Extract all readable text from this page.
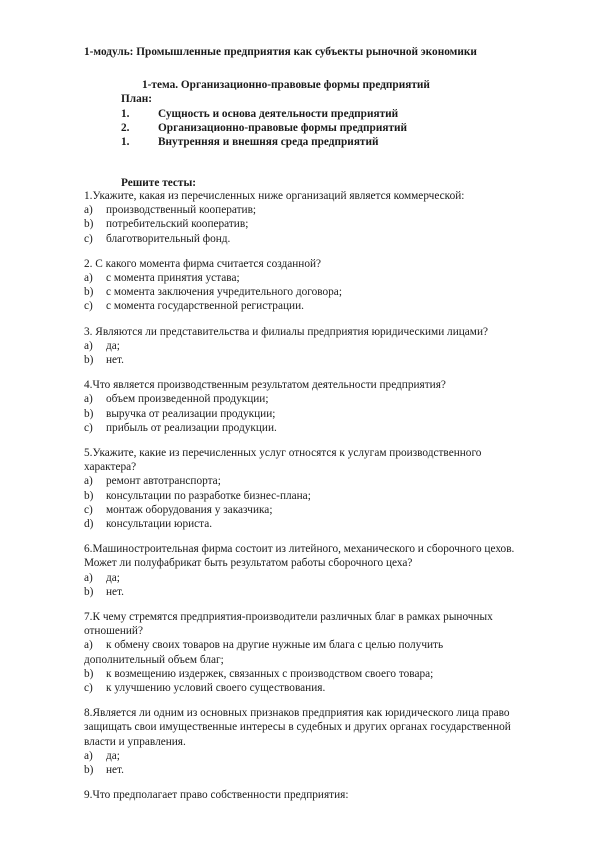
1-модуль: Промышленные предприятия как субъекты рыночной экономики
1-тема. Организационно-правовые формы предприятий
План:
1.	Сущность и основа деятельности предприятий
2.	Организационно-правовые формы предприятий
1.	Внутренняя и внешняя среда предприятий
Решите тесты:
1.Укажите, какая из перечисленных ниже организаций является коммерческой:
а) производственный кооператив;
b) потребительский кооператив;
c) благотворительный фонд.
2. С какого момента фирма считается созданной?
a) с момента принятия устава;
b) с момента заключения учредительного договора;
c) с момента государственной регистрации.
3. Являются ли представительства и филиалы предприятия юридическими лицами?
a) да;
b) нет.
4.Что является производственным результатом деятельности предприятия?
a) объем произведенной продукции;
b) выручка от реализации продукции;
c) прибыль от реализации продукции.
5.Укажите, какие из перечисленных услуг относятся к услугам производственного
характера?
a) ремонт автотранспорта;
b) консультации по разработке бизнес-плана;
c) монтаж оборудования у заказчика;
d) консультации юриста.
6.Машиностроительная фирма состоит из литейного, механического и сборочного цехов.
Может ли полуфабрикат быть результатом работы сборочного цеха?
a) да;
b) нет.
7.К чему стремятся предприятия-производители различных благ в рамках рыночных
отношений?
a) к обмену своих товаров на другие нужные им блага с целью получить
дополнительный объем благ;
b) к возмещению издержек, связанных с производством своего товара;
c) к улучшению условий своего существования.
8.Является ли одним из основных признаков предприятия как юридического лица право
защищать свои имущественные интересы в судебных и других органах государственной
власти и управления.
a) да;
b) нет.
9.Что предполагает право собственности предприятия:
